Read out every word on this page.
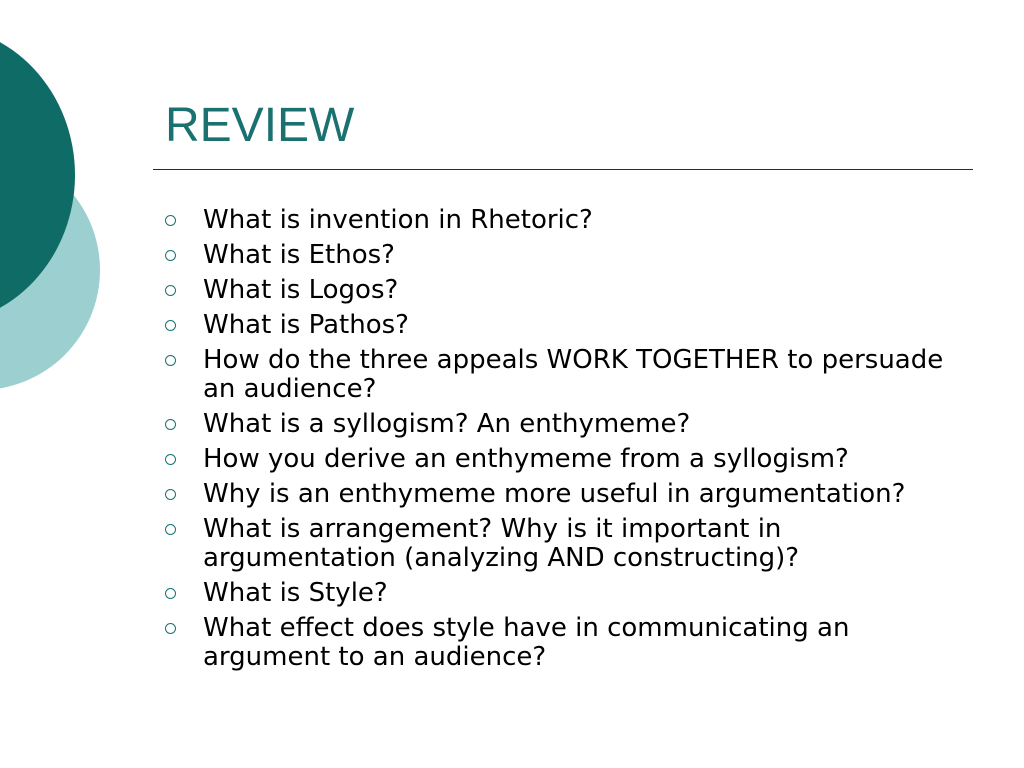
REVIEW
What is invention in Rhetoric?
What is Ethos?
What is Logos?
What is Pathos?
How do the three appeals WORK TOGETHER to persuade an audience?
What is a syllogism? An enthymeme?
How you derive an enthymeme from a syllogism?
Why is an enthymeme more useful in argumentation?
What is arrangement? Why is it important in argumentation (analyzing AND constructing)?
What is Style?
What effect does style have in communicating an argument to an audience?
